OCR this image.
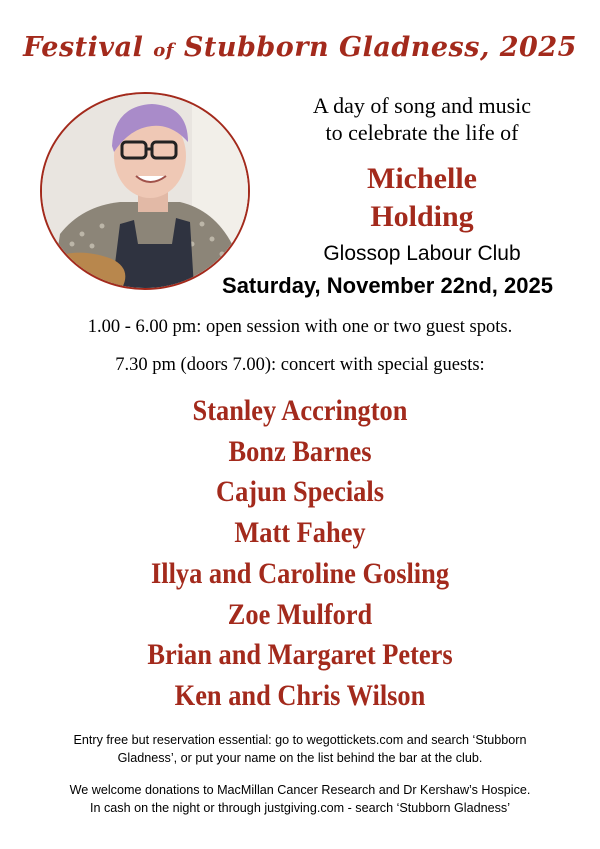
Festival of Stubborn Gladness, 2025
A day of song and music
to celebrate the life of
Michelle
Holding
Glossop Labour Club
Saturday, November 22nd, 2025
1.00 - 6.00 pm: open session with one or two guest spots.
7.30 pm (doors 7.00): concert with special guests:
Stanley Accrington
Bonz Barnes
Cajun Specials
Matt Fahey
Illya and Caroline Gosling
Zoe Mulford
Brian and Margaret Peters
Ken and Chris Wilson
Entry free but reservation essential: go to wegottickets.com and search ‘Stubborn
Gladness’, or put your name on the list behind the bar at the club.
We welcome donations to MacMillan Cancer Research and Dr Kershaw’s Hospice.
In cash on the night or through justgiving.com - search ‘Stubborn Gladness’
